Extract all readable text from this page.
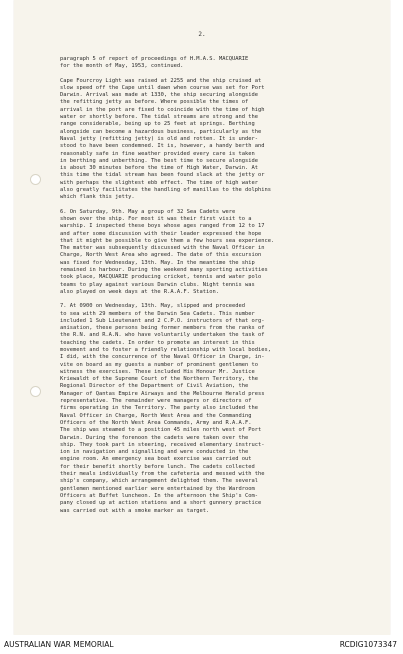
2.
paragraph 5 of report of proceedings of H.M.A.S. MACQUARIE
for the month of May, 1953, continued.
Cape Fourcroy Light was raised at 2255 and the ship cruised at
slow speed off the Cape until dawn when course was set for Port
Darwin. Arrival was made at 1330, the ship securing alongside
the refitting jetty as before. Where possible the times of
arrival in the port are fixed to coincide with the time of high
water or shortly before. The tidal streams are strong and the
range considerable, being up to 25 feet at springs. Berthing
alongside can become a hazardous business, particularly as the
Naval jetty (refitting jetty) is old and rotten. It is under-
stood to have been condemned. It is, however, a handy berth and
reasonably safe in fine weather provided every care is taken
in berthing and unberthing. The best time to secure alongside
is about 30 minutes before the time of High Water, Darwin. At
this time the tidal stream has been found slack at the jetty or
with perhaps the slightest ebb effect. The time of high water
also greatly facilitates the handling of manillas to the dolphins
which flank this jetty.
6. On Saturday, 9th. May a group of 32 Sea Cadets were
shown over the ship. For most it was their first visit to a
warship. I inspected these boys whose ages ranged from 12 to 17
and after some discussion with their leader expressed the hope
that it might be possible to give them a few hours sea experience.
The matter was subsequently discussed with the Naval Officer in
Charge, North West Area who agreed. The date of this excursion
was fixed for Wednesday, 13th. May. In the meantime the ship
remained in harbour. During the weekend many sporting activities
took place, MACQUARIE producing cricket, tennis and water polo
teams to play against various Darwin clubs. Night tennis was
also played on week days at the R.A.A.F. Station.
7. At 0900 on Wednesday, 13th. May, slipped and proceeded
to sea with 29 members of the Darwin Sea Cadets. This number
included 1 Sub Lieutenant and 2 C.P.O. instructors of that org-
anisation, these persons being former members from the ranks of
the R.N. and R.A.N. who have voluntarily undertaken the task of
teaching the cadets. In order to promote an interest in this
movement and to foster a friendly relationship with local bodies,
I did, with the concurrence of the Naval Officer in Charge, in-
vite on board as my guests a number of prominent gentlemen to
witness the exercises. These included His Honour Mr. Justice
Kriewaldt of the Supreme Court of the Northern Territory, the
Regional Director of the Department of Civil Aviation, the
Manager of Qantas Empire Airways and the Melbourne Herald press
representative. The remainder were managers or directors of
firms operating in the Territory. The party also included the
Naval Officer in Charge, North West Area and the Commanding
Officers of the North West Area Commands, Army and R.A.A.F.
The ship was steamed to a position 45 miles north west of Port
Darwin. During the forenoon the cadets were taken over the
ship. They took part in steering, received elementary instruct-
ion in navigation and signalling and were conducted in the
engine room. An emergency sea boat exercise was carried out
for their benefit shortly before lunch. The cadets collected
their meals individually from the cafeteria and messed with the
ship's company, which arrangement delighted them. The several
gentlemen mentioned earlier were entertained by the Wardroom
Officers at Buffet luncheon. In the afternoon the Ship's Com-
pany closed up at action stations and a short gunnery practice
was carried out with a smoke marker as target.
AUSTRALIAN WAR MEMORIAL	RCDIG1073347
